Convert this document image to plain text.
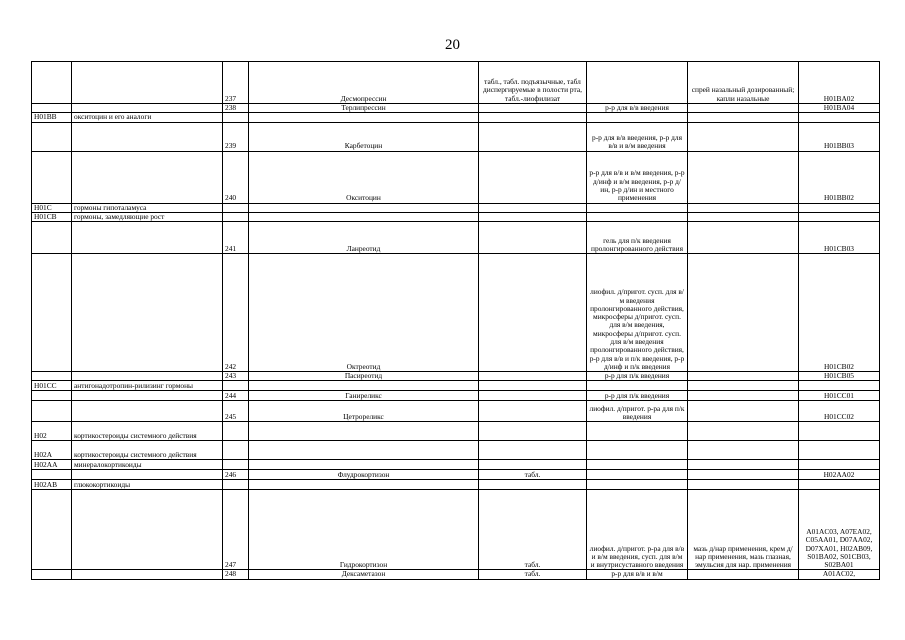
20
		237	Десмопрессин	табл., табл. подъязычные, табл диспергируемые в полости рта, табл.-лиофилизат		спрей назальный дозированный; капли назальные	H01BA02
		238	Терлипрессин		р-р для в/в введения		H01BA04
H01BB	окситоцин и его аналоги						
		239	Карбетоцин		р-р для в/в введения, р-р для в/в и в/м введения		H01BB03
		240	Окситоцин		р-р для в/в и в/м введения, р-р д/инф и в/м введения, р-р д/ин, р-р д/ин и местного применения		H01BB02
H01C	гормоны гипоталамуса						
H01CB	гормоны, замедляющие рост						
		241	Ланреотид		гель для п/к введения пролонгированного действия		H01CB03
		242	Октреотид		лиофил. д/пригот. сусп. для в/м введения пролонгированного действия, микросферы д/пригот. сусп. для в/м введения, микросферы д/пригот. сусп. для в/м введения пролонгированного действия, р-р для в/в и п/к введения, р-р д/инф и п/к введения		H01CB02
		243	Пасиреотид		р-р для п/к введения		H01CB05
H01CC	антигонадотропин-рилизинг гормоны						
		244	Ганиреликс		р-р для п/к введения		H01CC01
		245	Цетрореликс		лиофил. д/пригот. р-ра для п/к введения		H01CC02
H02	кортикостероиды системного действия						
H02A	кортикостероиды системного действия						
H02AA	минералокортикоиды						
		246	Флудрокортизон	табл.			H02AA02
H02AB	глюкокортикоиды						
		247	Гидрокортизон	табл.	лиофил. д/пригот. р-ра для в/в и в/м введения, сусп. для в/м и внутрисуставного введения	мазь д/нар применения, крем д/нар применения, мазь глазная, эмульсия для нар. применения	A01AC03, A07EA02, C05AA01, D07AA02, D07XA01, H02AB09, S01BA02, S01CB03, S02BA01
		248	Дексаметазон	табл.	р-р для в/в и в/м		A01AC02,
